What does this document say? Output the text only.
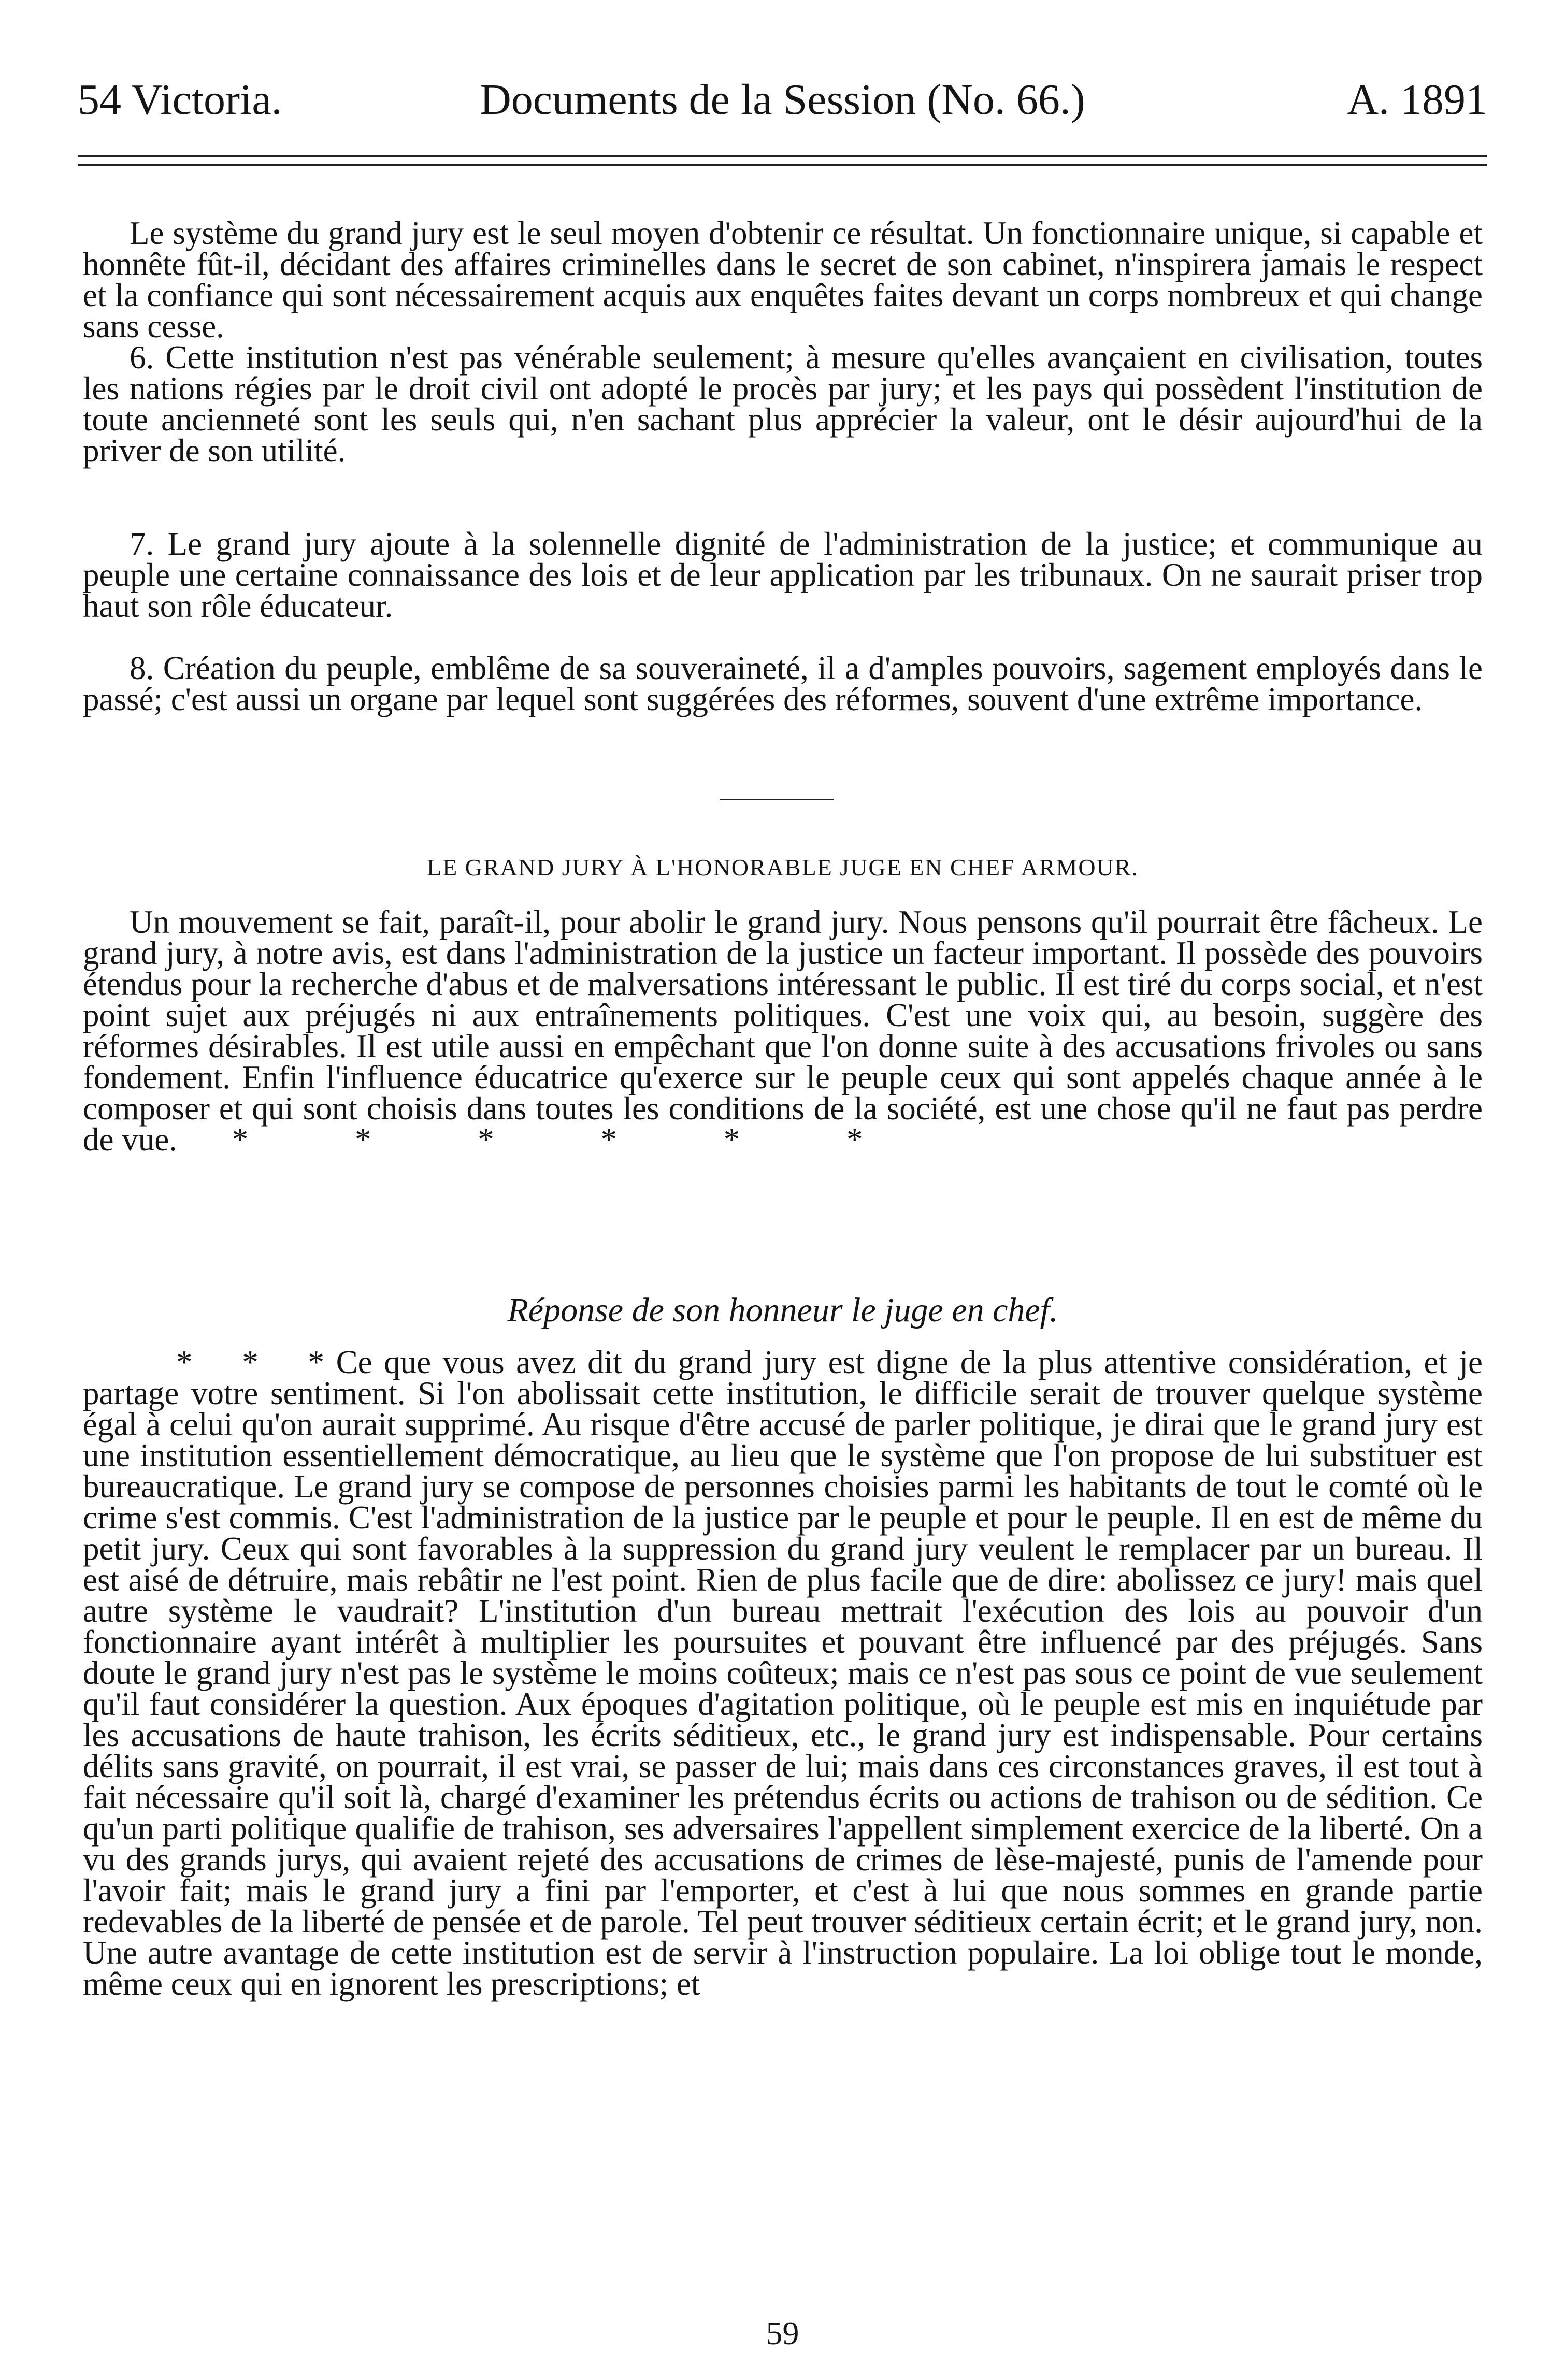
54 Victoria.	Documents de la Session (No. 66.)	A. 1891

Le système du grand jury est le seul moyen d'obtenir ce résultat. Un fonctionnaire unique, si capable et honnête fût-il, décidant des affaires criminelles dans le secret de son cabinet, n'inspirera jamais le respect et la confiance qui sont nécessairement acquis aux enquêtes faites devant un corps nombreux et qui change sans cesse.

6. Cette institution n'est pas vénérable seulement; à mesure qu'elles avançaient en civilisation, toutes les nations régies par le droit civil ont adopté le procès par jury; et les pays qui possèdent l'institution de toute ancienneté sont les seuls qui, n'en sachant plus apprécier la valeur, ont le désir aujourd'hui de la priver de son utilité.

7. Le grand jury ajoute à la solennelle dignité de l'administration de la justice; et communique au peuple une certaine connaissance des lois et de leur application par les tribunaux. On ne saurait priser trop haut son rôle éducateur.

8. Création du peuple, emblême de sa souveraineté, il a d'amples pouvoirs, sagement employés dans le passé; c'est aussi un organe par lequel sont suggérées des réformes, souvent d'une extrême importance.

LE GRAND JURY À L'HONORABLE JUGE EN CHEF ARMOUR.

Un mouvement se fait, paraît-il, pour abolir le grand jury. Nous pensons qu'il pourrait être fâcheux. Le grand jury, à notre avis, est dans l'administration de la justice un facteur important. Il possède des pouvoirs étendus pour la recherche d'abus et de malversations intéressant le public. Il est tiré du corps social, et n'est point sujet aux préjugés ni aux entraînements politiques. C'est une voix qui, au besoin, suggère des réformes désirables. Il est utile aussi en empêchant que l'on donne suite à des accusations frivoles ou sans fondement. Enfin l'influence éducatrice qu'exerce sur le peuple ceux qui sont appelés chaque année à le composer et qui sont choisis dans toutes les conditions de la société, est une chose qu'il ne faut pas perdre de vue. * * * * * *

Réponse de son honneur le juge en chef.

* * * Ce que vous avez dit du grand jury est digne de la plus attentive considération, et je partage votre sentiment. Si l'on abolissait cette institution, le difficile serait de trouver quelque système égal à celui qu'on aurait supprimé. Au risque d'être accusé de parler politique, je dirai que le grand jury est une institution essentiellement démocratique, au lieu que le système que l'on propose de lui substituer est bureaucratique. Le grand jury se compose de personnes choisies parmi les habitants de tout le comté où le crime s'est commis. C'est l'administration de la justice par le peuple et pour le peuple. Il en est de même du petit jury. Ceux qui sont favorables à la suppression du grand jury veulent le remplacer par un bureau. Il est aisé de détruire, mais rebâtir ne l'est point. Rien de plus facile que de dire: abolissez ce jury! mais quel autre système le vaudrait? L'institution d'un bureau mettrait l'exécution des lois au pouvoir d'un fonctionnaire ayant intérêt à multiplier les poursuites et pouvant être influencé par des préjugés. Sans doute le grand jury n'est pas le système le moins coûteux; mais ce n'est pas sous ce point de vue seulement qu'il faut considérer la question. Aux époques d'agitation politique, où le peuple est mis en inquiétude par les accusations de haute trahison, les écrits séditieux, etc., le grand jury est indispensable. Pour certains délits sans gravité, on pourrait, il est vrai, se passer de lui; mais dans ces circonstances graves, il est tout à fait nécessaire qu'il soit là, chargé d'examiner les prétendus écrits ou actions de trahison ou de sédition. Ce qu'un parti politique qualifie de trahison, ses adversaires l'appellent simplement exercice de la liberté. On a vu des grands jurys, qui avaient rejeté des accusations de crimes de lèse-majesté, punis de l'amende pour l'avoir fait; mais le grand jury a fini par l'emporter, et c'est à lui que nous sommes en grande partie redevables de la liberté de pensée et de parole. Tel peut trouver séditieux certain écrit; et le grand jury, non. Une autre avantage de cette institution est de servir à l'instruction populaire. La loi oblige tout le monde, même ceux qui en ignorent les prescriptions; et

59
